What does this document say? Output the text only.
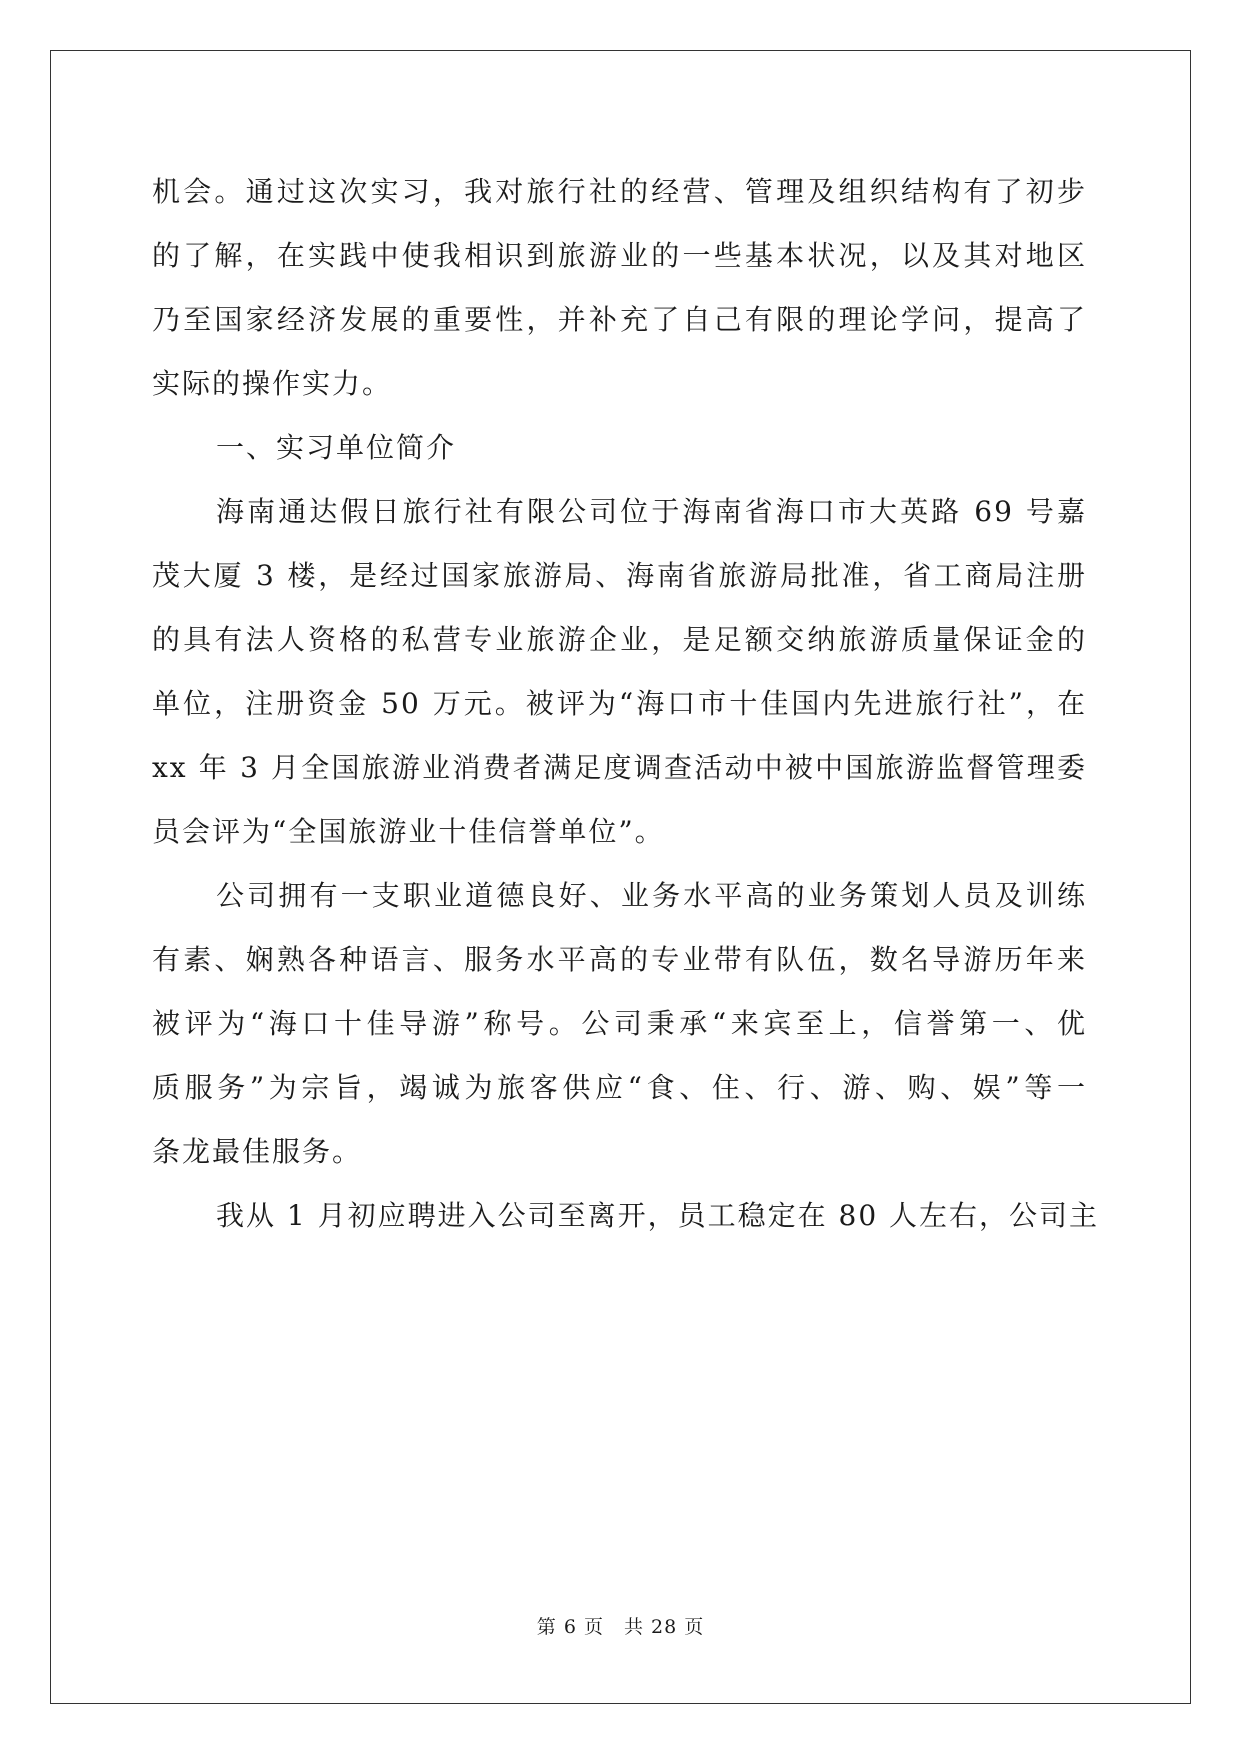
机会。通过这次实习，我对旅行社的经营、管理及组织结构有了初步
的了解，在实践中使我相识到旅游业的一些基本状况，以及其对地区
乃至国家经济发展的重要性，并补充了自己有限的理论学问，提高了
实际的操作实力。
一、实习单位简介
海南通达假日旅行社有限公司位于海南省海口市大英路 69 号嘉
茂大厦 3 楼，是经过国家旅游局、海南省旅游局批准，省工商局注册
的具有法人资格的私营专业旅游企业，是足额交纳旅游质量保证金的
单位，注册资金 50 万元。被评为“海口市十佳国内先进旅行社”，在
xx 年 3 月全国旅游业消费者满足度调查活动中被中国旅游监督管理委
员会评为“全国旅游业十佳信誉单位”。
公司拥有一支职业道德良好、业务水平高的业务策划人员及训练
有素、娴熟各种语言、服务水平高的专业带有队伍，数名导游历年来
被评为“海口十佳导游”称号。公司秉承“来宾至上，信誉第一、优
质服务”为宗旨，竭诚为旅客供应“食、住、行、游、购、娱”等一
条龙最佳服务。
我从 1 月初应聘进入公司至离开，员工稳定在 80 人左右，公司主
第 6 页　共 28 页
